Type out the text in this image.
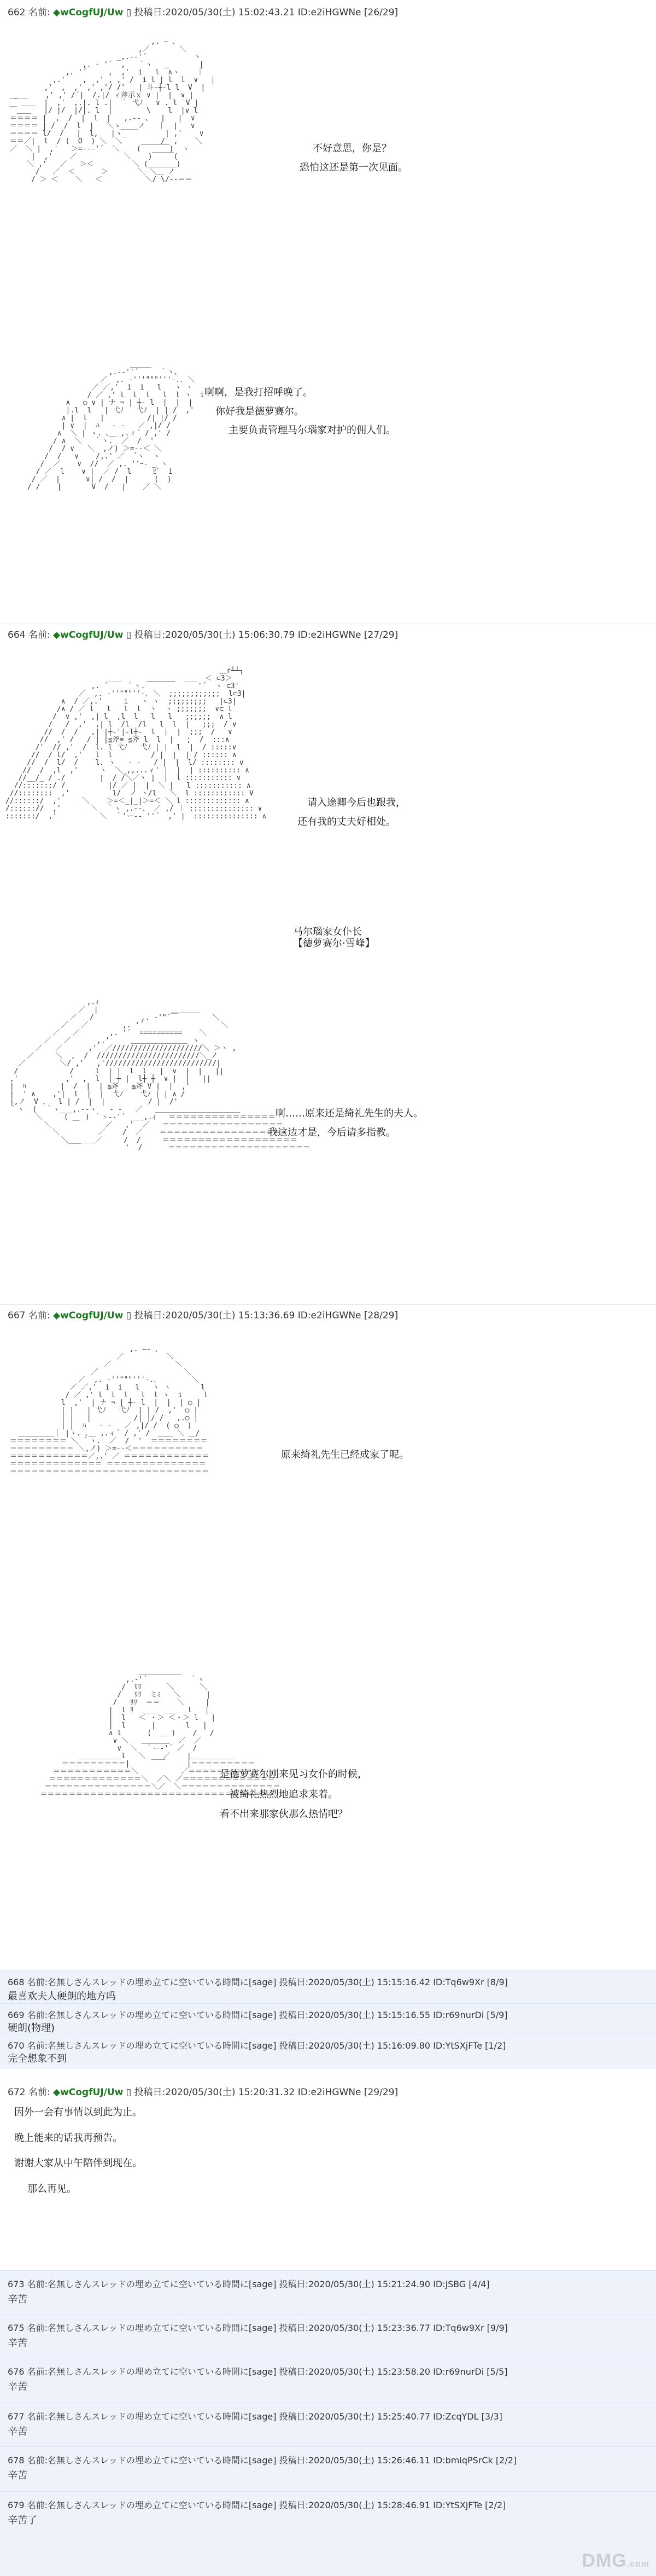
662 名前: ◆wCogfUJ/Uw ▯ 投稿日:2020/05/30(土) 15:02:43.21 ID:e2iHGWNe [26/29]
,. ― ､
,／       ＼
_,.-‐'´           ヽ
,. ‐ '´  ,   ｀ヽ   _       |
,. '´     ,  ,'  i   l  ∧ヽ    ｜
,.'    ,  ,' , ,' /  i l | l  l  ∨   |
,'  ,  ,' ,' ,'/ /' _ | 斗-┼-l l  V  |
＿＿    ,' ,' /´|  /.|/ ィ斧示ｘ ∨ |  |  ∨ |
￣ ＿＿  |  ,'  ,.|. l .|  ｀ 弋ﾉ   ∨ . l  V |
￣＿＿   |/ |/  |/|. l  |        \    l  |∨ l
＝＝＝＝ |  ,  /  |  l  |   ,.-‐ 、  |   |  ∨
＝＝＝＝ | /  /  l  |   ＼ゝ____ノ   ｜  |   ∨
＝＝＝＝ l/  /   |  l,   |ヽ_         | ,'    ∨
＝＝／|  l  / (  O  ) ＼  ＼         /  ,    ＼
／  ＼ |  ,'   ＞=--‐'´  ＼    (￣￣￣￣)  ヽ
|  ,'    ／           ＼    )￣￣￣(
＼ ,'   ／   ＞＜         ＼ (＿＿＿＿)
/   ／  ＜      ＞       ＼ ＼＿ ノ
/ ＞ ＜    ＼   ＜          ＼/ \/--＝＝

不好意思，你是？
恐怕这还是第一次见面。
＿＿＿
,.-‐''´     ｀ヽ、
／  ,. ‐'''"""'''‐.､ ＼
／ ／,'  i  i   l   ヽ ヽ
/ ／ ,' l  l  l   l  l ヽ  i
∧   ○ ∨ | ナ ¬ | ┼- l  |  |  |
|.l  l   | 弋ﾉ   弋ﾉ  | | /  ,'
∧ |  l   |          /| |/ /
| ∨  |  ﾊ   ‐ ‐   ／ ,|/ /
∧  ＼ | ヽ. ､＿ ,.ィ´ / ,' /
/ ∧  ＼   ｀ヽ.  ／  /  '
/  / ∨   ＼  ,ノ) ＞=‐-＜ ＼
/  /   ∨    /,.' ／  ´ヽ  ヽ
/  ／    ∨  //  ／ ,. ''ｰ‐ _ ヽ
/ ／  l    ∨ |  ／ /  l     ﾋﾞ  i
/ ／  |      ∨| /  /  |      (  )
/ /    |       V  /   |    ／ ＼

啊啊，是我打招呼晚了。
你好我是德萝赛尔。
主要负责管理马尔瑙家对护的佣人们。
664 名前: ◆wCogfUJ/Uw ▯ 投稿日:2020/05/30(土) 15:06:30.79 ID:e2iHGWNe [27/29]
＿r┴┴┐
＿＿＿＿       ＜ ⊂3＞
,. ´￣￣ ｀ヽ.         ￣￣'´  ヽ ⊂3'
／  ,. ‐''"""''‐､ ＼  ;;;;;;;;;;;;  l⊂3|
∧  / ／,.'     i   ヽ ヽ  ;;;;;;;;;   |⊂3|
/∧ / ／ l   l   l  l  ヽ  ヽ ;;;;;;;  ∨⊂ l
/  ∨ ,'  ,| l  ,l  l   l   l   ;;;;;;  ∧ l
/   /  ,'  ,| l  /l  /l   l  l  |   ;;;  / ∨
//  /  /   ,| |┼‐'|‐l┼-  l  |  |  ;;;  /   ∨
//  ,' /   / | |≦斧≡ ≦斧 l  l  |   ;  /  :::∧
/'  // ,'  /  l. l 弋ﾉ   弋ﾉ | |  l  |  / :::::∨
//  / l/  ,'   l  l         / |  |  | / :::::: ∧
//  /  l/  /    l. ヽ   ‐ -   / |  |  l/ :::::::: ∨
//  /  ,l  ,'     ヽ  ＼_,,...ィ' |  |  | :::::::::: ∧
//__/_ / ./        |  / /＼／ヽ |  |  l ::::::::::: ∨
//:::::::/ /          |/ ／ |  |  ＼ |   l ::::::::::: ∧
//::::::::  ,'          l/  ノ ヽ/l   ＼  l :::::::::::: V
//::::::/  ,'     ＼    ＞=＜_|_|＞=＜ ＼ l ::::::::::::: ∧
/:::::://  ,'       ＼  ｀ヽ ,.--、 ／ ,/ ｜ ::::::::::::::: ∨
:::::::/  ,'          ＼  ｀'ー-‐ ''´  ,' |  ::::::::::::::: ∧

请入途卿今后也跟我，
还有我的丈夫好相处。
马尔瑙家女仆长
【德萝赛尔·雪峰】
,.ｨ
／  |                 ＿＿＿＿
／   /           ,. ‐'"´￣        ＼
／   ／        ,. '´                  ＼
／   ／       ,. '´  ==========    ＼
／   ／      ,.'     ＿＿＿＿＿＿＿＿ ヽ
／   ／      ,'  ／/////////////////////＼ ＞ヽ ,
／     ＼  ,  /  ////////////////////////＼_ノ
／        ＼/ ,'   ,'//////////////////////////|
/            /     l  | |  l  l   |  ∨  |  |   ||
,'           ,'  ,  l  | ┼ |  l┼ ┼  ∨ |  |   ||
|  ﾊ        |  /  |  | ≦斧 _ ≦斧 V |  |  ,'
|  ' ∧    ,'|  l  |  |  弋ﾉ    弋ﾉ | | ∧ /
|,ノ  V 、  l | /  |  |          / |  /'
｀ヽ  (  ｀ヽ___,.-‐ヽ   ‐ -   ／   ＿＿＿＿＿＿＿＿＿＿＿＿
＼     (    ) ｀ヽ-‐'´ ＿＿,.ｨ   ＝＝＝＝＝＝＝＝＝＝＝＝＝＝＝
＼     ￣      ／   ,'  ／   ＝＝＝＝＝＝＝＝＝＝＝＝＝＝＝＝＝
＼         ／    /  ／    ＝＝＝＝＝＝＝＝＝＝＝＝＝＝＝＝＝＝
＼___＿＿／     /  /     ＝＝＝＝＝＝＝＝＝＝＝＝＝＝＝＝＝＝＝
'  /      ＝＝＝＝＝＝＝＝＝＝＝＝＝＝＝＝＝＝＝＝

啊……原来还是绮礼先生的夫人。
我这边才是，今后请多指教。
667 名前: ◆wCogfUJ/Uw ▯ 投稿日:2020/05/30(土) 15:13:36.69 ID:e2iHGWNe [28/29]
,. ―‐ ､
／          ＼
／               ＼
／                    ＼
／  ,. ‐''"""'''‐.､        ＼
／ ／,'  i  i   l   ヽ ヽ       l
/ ／ ,' l  l  l   l  l ヽ  i     l
l  ,'  | ナ ¬ | ┼- l  |  |  | ○ |
| |   | 弋ﾉ   弋ﾉ  | | /  ,'  ○ |
| |   |          /| |/ /   ,.○ |
| |  ﾊ   ‐ ‐   ／ ,|/ /  ( ○  )
＿＿＿＿＿｜ |ヽ. ､＿ ,.ィ´ / ,' /  ＿＿ ＼ ＿/
＝＝＝＝＝＝＝＝ ＼ ｀ヽ.  ／  /  '  ＝＝＝＝＝＝＝＝
＝＝＝＝＝＝＝＝＝ ＼,ノ) ＞=‐-＜＝＝＝＝＝＝＝＝＝＝
＝＝＝＝＝＝＝＝＝＝＝／,.' ／ ＝＝＝＝＝＝＝＝＝＝＝＝
＝＝＝＝＝＝＝＝＝＝＝＝＝ ＝＝＝＝＝＝＝＝＝＝＝＝＝＝
＝＝＝＝＝＝＝＝＝＝＝＝＝＝＝＝＝＝＝＝＝＝＝＝＝＝＝＝

原来绮礼先生已经成家了呢。
＿＿＿＿＿＿
,.‐'´          ｀ヽ
/  ﾘﾘ      ＼      ＼
/   ﾘﾘ  ミﾐ   ＼      |
/   ﾘﾘ  ＝＝    ＼     |
|  l ﾘ  ＿＿  ＿＿  l   |
|  l   ＜ ・＞ ＜・＞ l   |
|  l      |       l   |
∧ l      (  ＿ )    /   /
∨ ＼   ＿＿＿＿  ／  ／
∨  ＼  ｀ー‐'´ ／  /
＿＿＿＿＿＿l   ＼    ／    |＿＿＿＿＿＿
＝＝＝＝＝＝＝＝＝|     ￣￣     |＝＝＝＝＝＝＝＝＝
＝＝＝＝＝＝＝＝＝＝＝＼          ／＝＝＝＝＝＝＝＝＝＝＝
＝＝＝＝＝＝＝＝＝＝＝＝＝＼  ／＼ ／＝＝＝＝＝＝＝＝＝＝＝＝＝
＝＝＝＝＝＝＝＝＝＝＝＝＝＝＝＼／  ＼＝＝＝＝＝＝＝＝＝＝＝＝＝＝
＝＝＝＝＝＝＝＝＝＝＝＝＝＝＝＝＝＝＝＝＝＝＝＝＝＝＝＝＝＝＝＝＝

是德萝赛尔刚来见习女仆的时候，
被绮礼热烈地追求来着。
看不出来那家伙那么热情吧？
668 名前:名無しさんスレッドの埋め立てに空いている時間に[sage] 投稿日:2020/05/30(土) 15:15:16.42 ID:Tq6w9Xr [8/9]
最喜欢夫人硬朗的地方吗
669 名前:名無しさんスレッドの埋め立てに空いている時間に[sage] 投稿日:2020/05/30(土) 15:15:16.55 ID:r69nurDi [5/9]
硬朗(物理)
670 名前:名無しさんスレッドの埋め立てに空いている時間に[sage] 投稿日:2020/05/30(土) 15:16:09.80 ID:YtSXjFTe [1/2]
完全想象不到
672 名前: ◆wCogfUJ/Uw ▯ 投稿日:2020/05/30(土) 15:20:31.32 ID:e2iHGWNe [29/29]
因外一会有事情以到此为止。
晚上能来的话我再预告。
谢谢大家从中午陪伴到现在。
那么再见。
673 名前:名無しさんスレッドの埋め立てに空いている時間に[sage] 投稿日:2020/05/30(土) 15:21:24.90 ID:jSBG [4/4]
辛苦
675 名前:名無しさんスレッドの埋め立てに空いている時間に[sage] 投稿日:2020/05/30(土) 15:23:36.77 ID:Tq6w9Xr [9/9]
辛苦
676 名前:名無しさんスレッドの埋め立てに空いている時間に[sage] 投稿日:2020/05/30(土) 15:23:58.20 ID:r69nurDi [5/5]
辛苦
677 名前:名無しさんスレッドの埋め立てに空いている時間に[sage] 投稿日:2020/05/30(土) 15:25:40.77 ID:ZcqYDL [3/3]
辛苦
678 名前:名無しさんスレッドの埋め立てに空いている時間に[sage] 投稿日:2020/05/30(土) 15:26:46.11 ID:bmiqPSrCk [2/2]
辛苦
679 名前:名無しさんスレッドの埋め立てに空いている時間に[sage] 投稿日:2020/05/30(土) 15:28:46.91 ID:YtSXjFTe [2/2]
辛苦了
DMG.com
